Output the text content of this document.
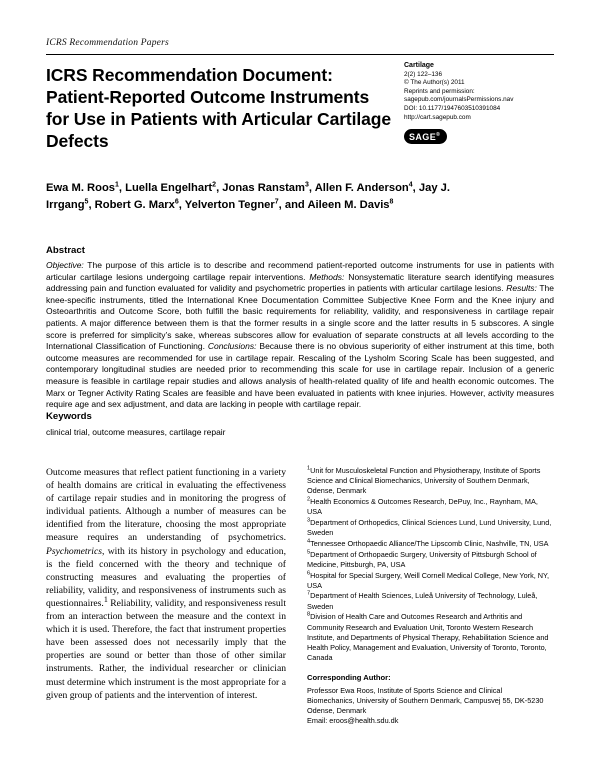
ICRS Recommendation Papers
ICRS Recommendation Document: Patient-Reported Outcome Instruments for Use in Patients with Articular Cartilage Defects
Cartilage
2(2) 122–136
© The Author(s) 2011
Reprints and permission:
sagepub.com/journalsPermissions.nav
DOI: 10.1177/1947603510391084
http://cart.sagepub.com
SAGE®
Ewa M. Roos$^1$, Luella Engelhart$^2$, Jonas Ranstam$^3$, Allen F. Anderson$^4$, Jay J. Irrgang$^5$, Robert G. Marx$^6$, Yelverton Tegner$^7$, and Aileen M. Davis$^8$
Abstract
Objective: The purpose of this article is to describe and recommend patient-reported outcome instruments for use in patients with articular cartilage lesions undergoing cartilage repair interventions. Methods: Nonsystematic literature search identifying measures addressing pain and function evaluated for validity and psychometric properties in patients with articular cartilage lesions. Results: The knee-specific instruments, titled the International Knee Documentation Committee Subjective Knee Form and the Knee injury and Osteoarthritis and Outcome Score, both fulfill the basic requirements for reliability, validity, and responsiveness in cartilage repair patients. A major difference between them is that the former results in a single score and the latter results in 5 subscores. A single score is preferred for simplicity’s sake, whereas subscores allow for evaluation of separate constructs at all levels according to the International Classification of Functioning. Conclusions: Because there is no obvious superiority of either instrument at this time, both outcome measures are recommended for use in cartilage repair. Rescaling of the Lysholm Scoring Scale has been suggested, and contemporary longitudinal studies are needed prior to recommending this scale for use in cartilage repair. Inclusion of a generic measure is feasible in cartilage repair studies and allows analysis of health-related quality of life and health economic outcomes. The Marx or Tegner Activity Rating Scales are feasible and have been evaluated in patients with knee injuries. However, activity measures require age and sex adjustment, and data are lacking in people with cartilage repair.
Keywords
clinical trial, outcome measures, cartilage repair

Outcome measures that reflect patient functioning in a variety of health domains are critical in evaluating the effectiveness of cartilage repair studies and in monitoring the progress of individual patients. Although a number of measures can be identified from the literature, choosing the most appropriate measure requires an understanding of psychometrics. Psychometrics, with its history in psychology and education, is the field concerned with the theory and technique of constructing measures and evaluating the properties of reliability, validity, and responsiveness of instruments such as questionnaires.$^1$ Reliability, validity, and responsiveness result from an interaction between the measure and the context in which it is used. Therefore, the fact that instrument properties have been assessed does not necessarily imply that the properties are sound or better than those of other similar instruments. Rather, the individual researcher or clinician must determine which instrument is the most appropriate for a given group of patients and the intervention of interest.

$^1$Unit for Musculoskeletal Function and Physiotherapy, Institute of Sports Science and Clinical Biomechanics, University of Southern Denmark, Odense, Denmark
$^2$Health Economics & Outcomes Research, DePuy, Inc., Raynham, MA, USA
$^3$Department of Orthopedics, Clinical Sciences Lund, Lund University, Lund, Sweden
$^4$Tennessee Orthopaedic Alliance/The Lipscomb Clinic, Nashville, TN, USA
$^5$Department of Orthopaedic Surgery, University of Pittsburgh School of Medicine, Pittsburgh, PA, USA
$^6$Hospital for Special Surgery, Weill Cornell Medical College, New York, NY, USA
$^7$Department of Health Sciences, Luleå University of Technology, Luleå, Sweden
$^8$Division of Health Care and Outcomes Research and Arthritis and Community Research and Evaluation Unit, Toronto Western Research Institute, and Departments of Physical Therapy, Rehabilitation Science and Health Policy, Management and Evaluation, University of Toronto, Toronto, Canada
Corresponding Author:
Professor Ewa Roos, Institute of Sports Science and Clinical
Biomechanics, University of Southern Denmark, Campusvej 55, DK-5230
Odense, Denmark
Email: eroos@health.sdu.dk
